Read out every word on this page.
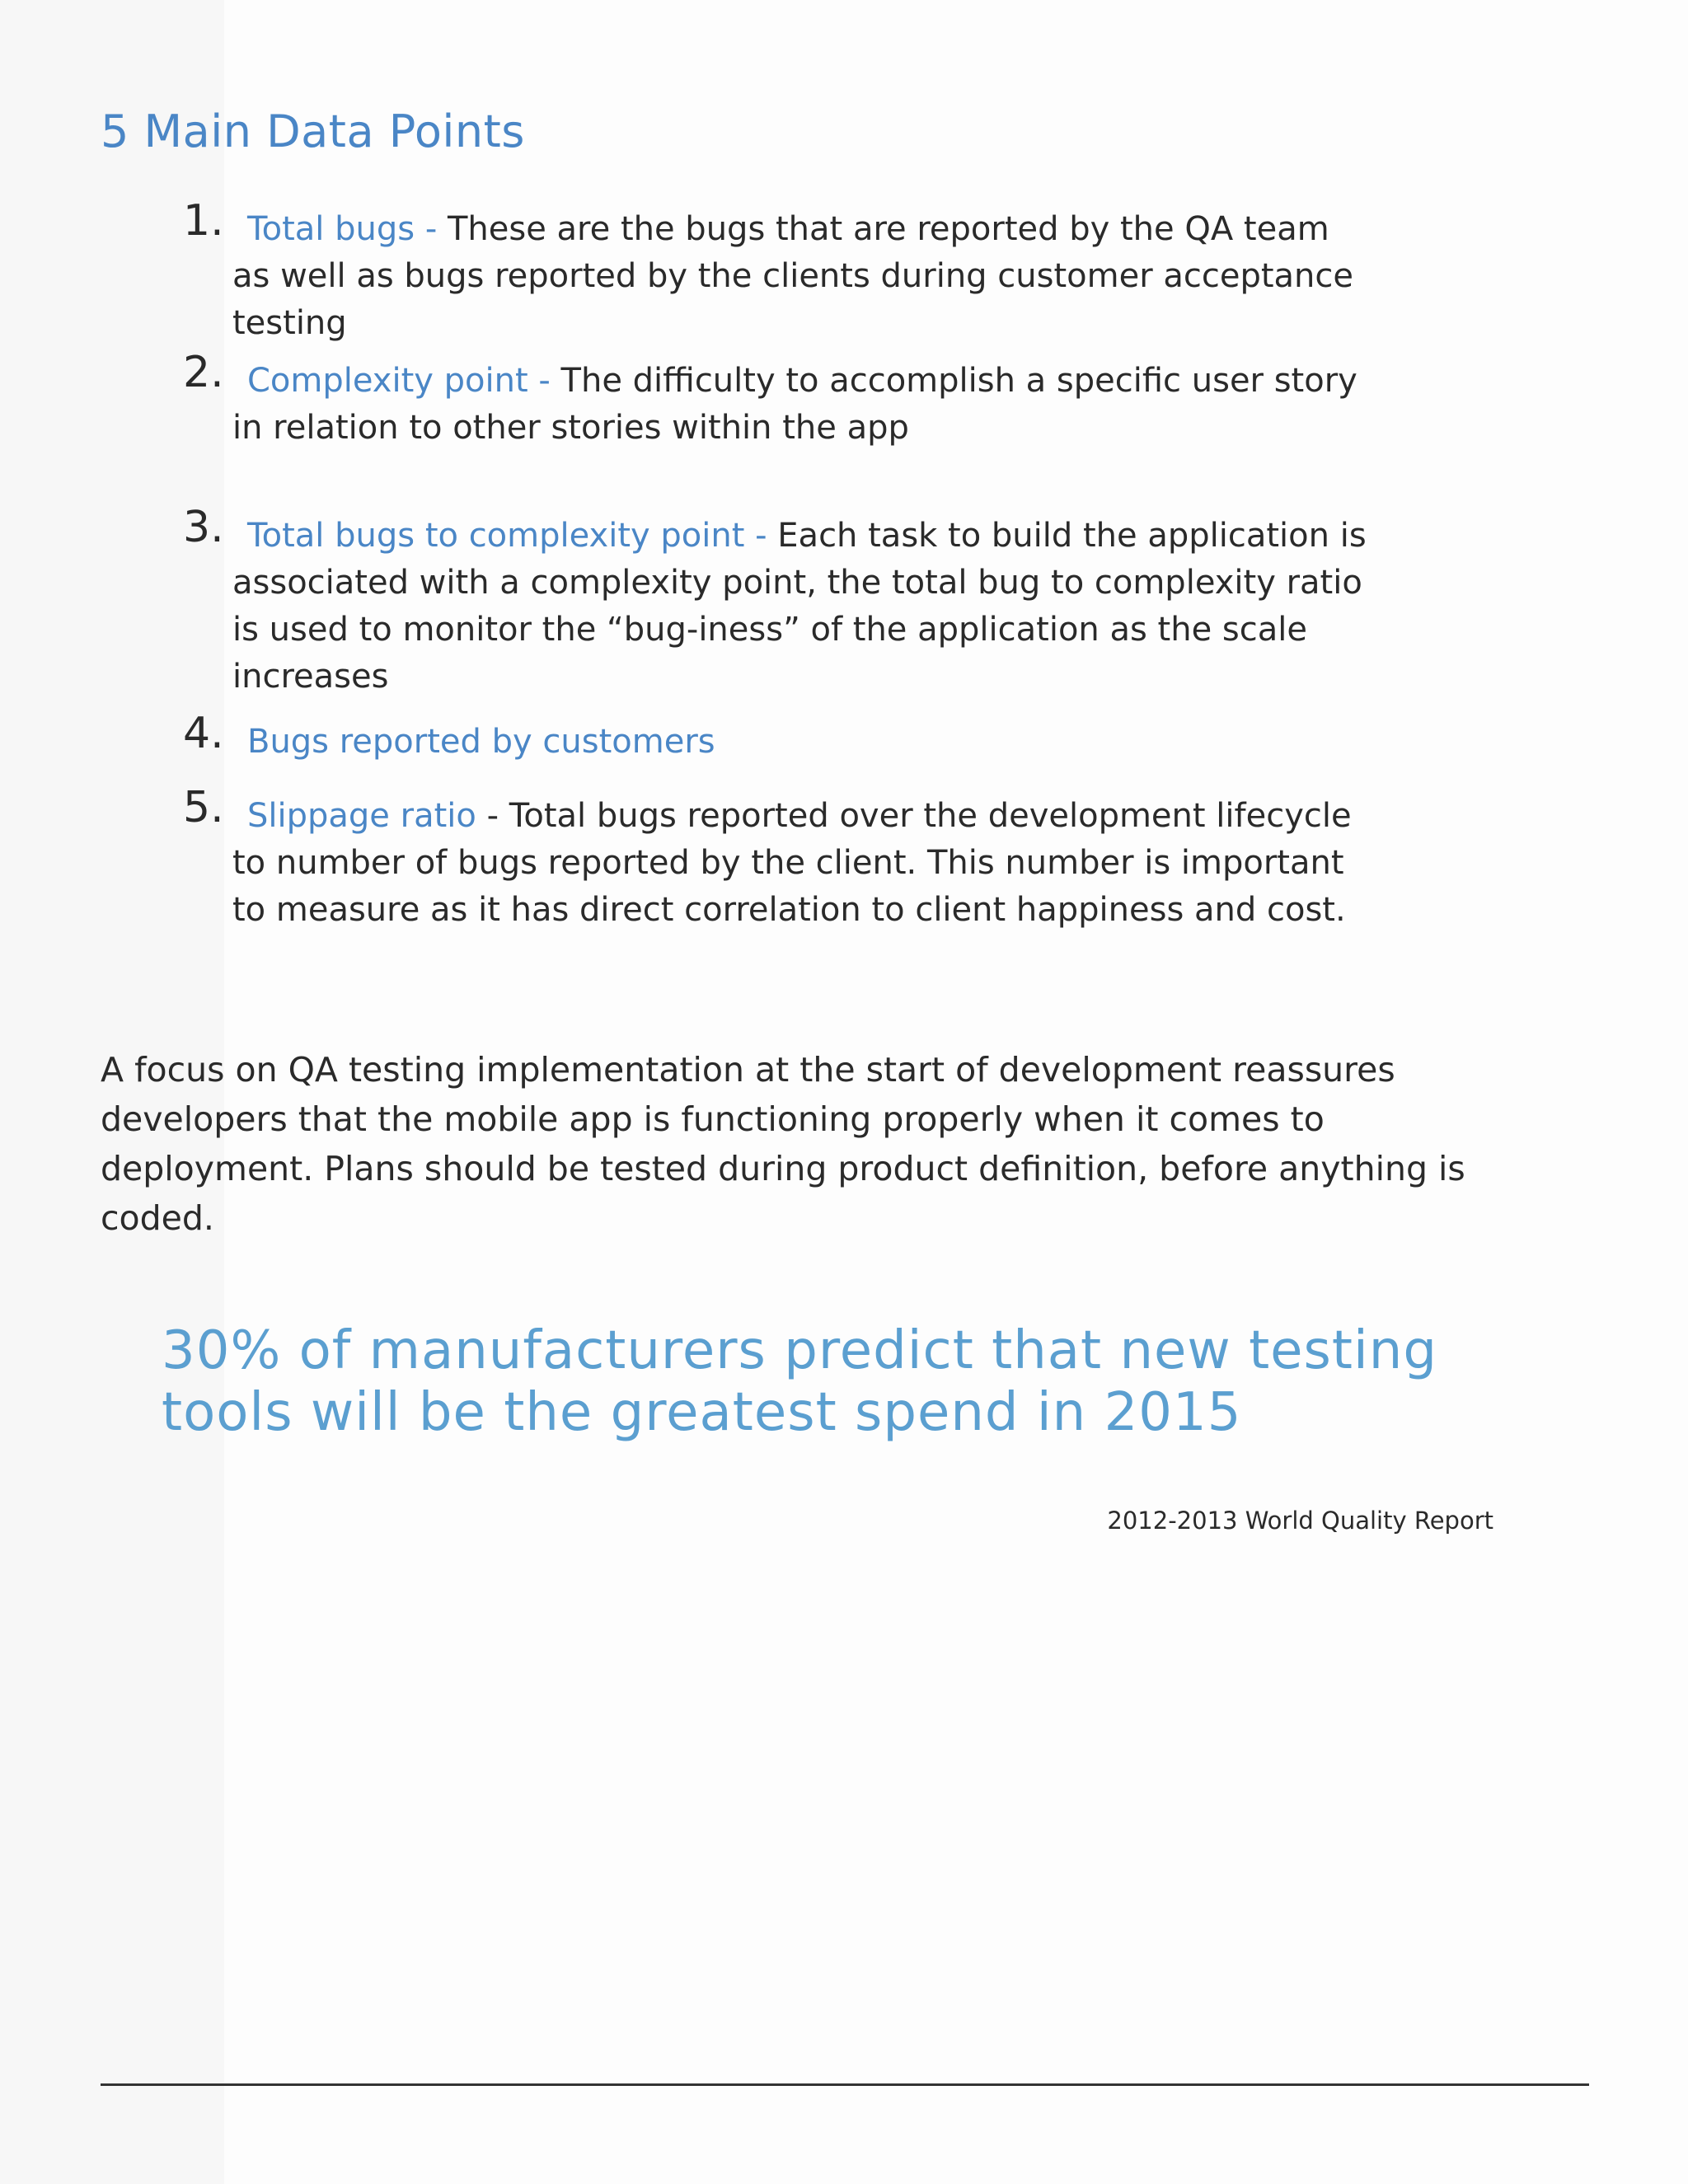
5 Main Data Points
1. Total bugs - These are the bugs that are reported by the QA team as well as bugs reported by the clients during customer acceptance testing
2. Complexity point - The difficulty to accomplish a specific user story in relation to other stories within the app
3. Total bugs to complexity point - Each task to build the application is associated with a complexity point, the total bug to complexity ratio is used to monitor the “bug-iness” of the application as the scale increases
4. Bugs reported by customers
5. Slippage ratio - Total bugs reported over the development lifecycle to number of bugs reported by the client. This number is important to measure as it has direct correlation to client happiness and cost.

A focus on QA testing implementation at the start of development reassures developers that the mobile app is functioning properly when it comes to deployment. Plans should be tested during product definition, before anything is coded.

30% of manufacturers predict that new testing tools will be the greatest spend in 2015

2012-2013 World Quality Report
